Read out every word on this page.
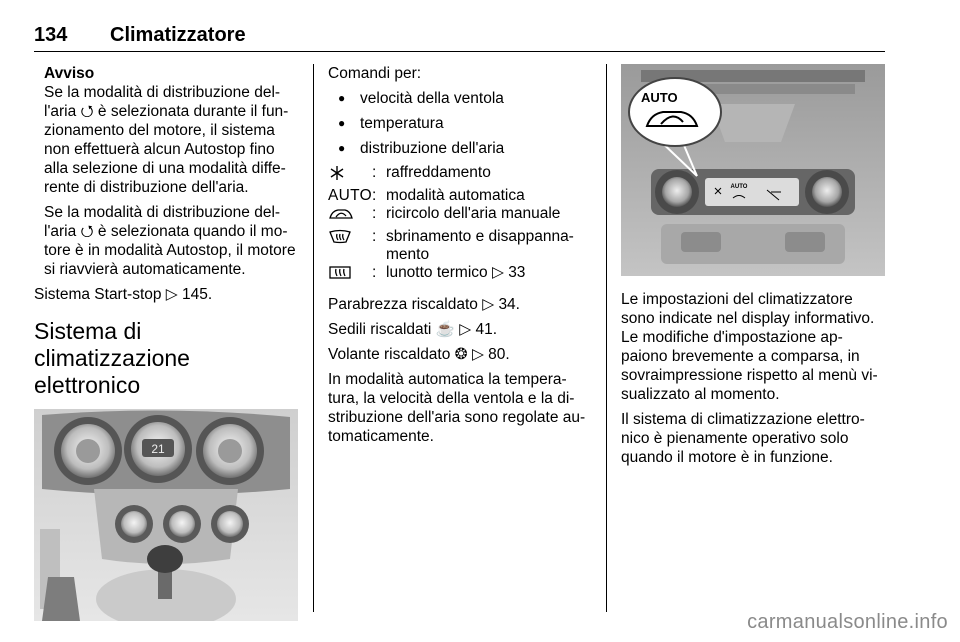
134 Climatizzatore
Avviso

Se la modalità di distribuzione del-l'aria ⭯ è selezionata durante il fun-zionamento del motore, il sistema non effettuerà alcun Autostop fino alla selezione di una modalità diffe-rente di distribuzione dell'aria.

Se la modalità di distribuzione del-l'aria ⭯ è selezionata quando il mo-tore è in modalità Autostop, il motore si riavvierà automaticamente.

Sistema Start-stop ▷ 145.

Sistema di climatizzazione elettronico
21

Comandi per:

● velocità della ventola
● temperatura
● distribuzione dell'aria
	:	raffreddamento
AUTO	:	modalità automatica
	:	ricircolo dell'aria manuale
	:	sbrinamento e disappanna-mento
	:	lunotto termico ▷ 33

Parabrezza riscaldato ▷ 34.

Sedili riscaldati ☕ ▷ 41.

Volante riscaldato ❂ ▷ 80.

In modalità automatica la tempera-tura, la velocità della ventola e la di-stribuzione dell'aria sono regolate au-tomaticamente.

AUTO
AUTO

Le impostazioni del climatizzatore sono indicate nel display informativo. Le modifiche d'impostazione ap-paiono brevemente a comparsa, in sovraimpressione rispetto al menù vi-sualizzato al momento.

Il sistema di climatizzazione elettro-nico è pienamente operativo solo quando il motore è in funzione.

carmanualsonline.info
